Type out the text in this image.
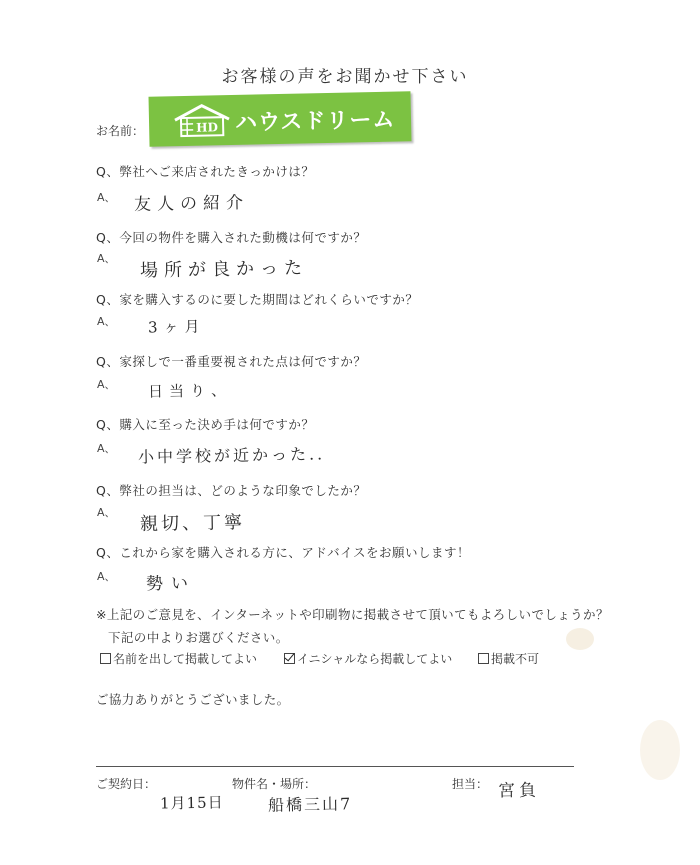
お客様の声をお聞かせ下さい
お名前：	HD ハウスドリーム
Q、弊社へご来店されたきっかけは？
A、 友人の紹介
Q、今回の物件を購入された動機は何ですか？
A、 場所が良かった
Q、家を購入するのに要した期間はどれくらいですか？
A、 3ヶ月
Q、家探しで一番重要視された点は何ですか？
A、 日当り、
Q、購入に至った決め手は何ですか？
A、 小中学校が近かった..
Q、弊社の担当は、どのような印象でしたか？
A、 親切、丁寧
Q、これから家を購入される方に、アドバイスをお願いします！
A、 勢い
※上記のご意見を、インターネットや印刷物に掲載させて頂いてもよろしいでしょうか？
下記の中よりお選びください。
名前を出して掲載してよい	イニシャルなら掲載してよい	掲載不可
ご協力ありがとうございました。
ご契約日：
1月15日
物件名・場所：
船橋三山7
担当： 宮負
